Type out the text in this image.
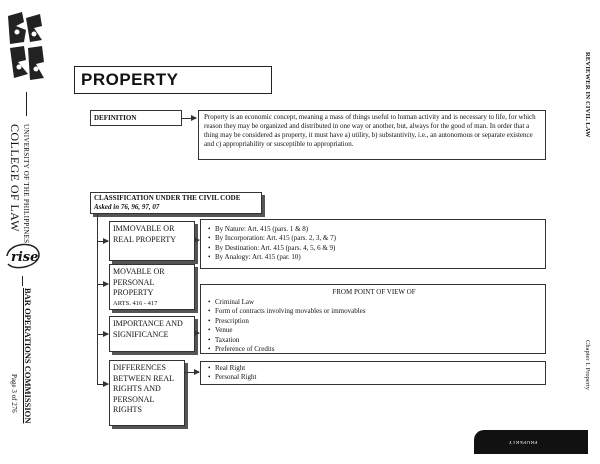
UNIVERSITY OF THE PHILIPPINES
COLLEGE OF LAW
rise
BAR OPERATIONS COMMISSION
Page 3 of 276
REVIEWER IN CIVIL LAW
Chapter I. Property
PROPERTY
PROPERTY
DEFINITION	Property is an economic concept, meaning a mass of things useful to human activity and is necessary to life, for which reason they may be organized and distributed in one way or another, but, always for the good of man. In order that a thing may be considered as property, it must have a) utility, b) substantivity, i.e., an autonomous or separate existence and c) appropriability or susceptible to appropriation.
CLASSIFICATION UNDER THE CIVIL CODE
Asked in 76, 96, 97, 07
IMMOVABLE OR REAL PROPERTY
• By Nature: Art. 415 (pars. 1 & 8)
• By Incorporation: Art. 415 (pars. 2, 3, & 7)
• By Destination: Art. 415 (pars. 4, 5, 6 & 9)
• By Analogy: Art. 415 (par. 10)
MOVABLE OR PERSONAL PROPERTY
ARTS. 416 - 417
IMPORTANCE AND SIGNIFICANCE
FROM POINT OF VIEW OF
• Criminal Law
• Form of contracts involving movables or immovables
• Prescription
• Venue
• Taxation
• Preference of Credits
DIFFERENCES BETWEEN REAL RIGHTS AND PERSONAL RIGHTS
• Real Right
• Personal Right
